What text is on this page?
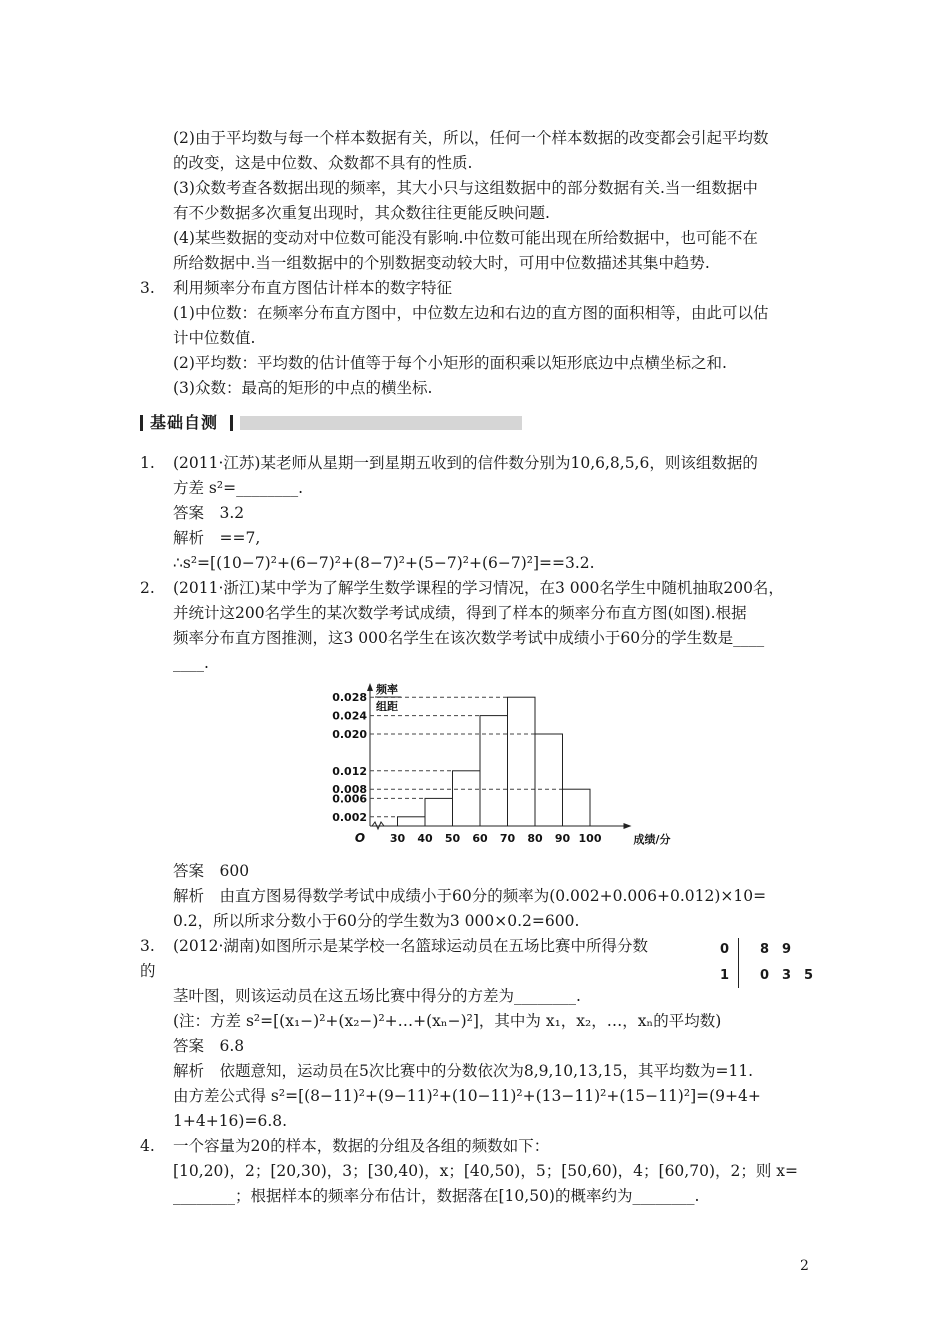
(2)由于平均数与每一个样本数据有关，所以，任何一个样本数据的改变都会引起平均数
的改变，这是中位数、众数都不具有的性质.
(3)众数考查各数据出现的频率，其大小只与这组数据中的部分数据有关.当一组数据中
有不少数据多次重复出现时，其众数往往更能反映问题.
(4)某些数据的变动对中位数可能没有影响.中位数可能出现在所给数据中，也可能不在
所给数据中.当一组数据中的个别数据变动较大时，可用中位数描述其集中趋势.
3. 利用频率分布直方图估计样本的数字特征
(1)中位数：在频率分布直方图中，中位数左边和右边的直方图的面积相等，由此可以估
计中位数值.
(2)平均数：平均数的估计值等于每个小矩形的面积乘以矩形底边中点横坐标之和.
(3)众数：最高的矩形的中点的横坐标.
基础自测
1. (2011·江苏)某老师从星期一到星期五收到的信件数分别为10,6,8,5,6，则该组数据的
方差 s²=________.
答案　3.2
解析　==7,
∴s²=[(10−7)²+(6−7)²+(8−7)²+(5−7)²+(6−7)²]==3.2.
2. (2011·浙江)某中学为了解学生数学课程的学习情况，在3 000名学生中随机抽取200名，
并统计这200名学生的某次数学考试成绩，得到了样本的频率分布直方图(如图).根据
频率分布直方图推测，这3 000名学生在该次数学考试中成绩小于60分的学生数是____
____.
0.028
0.024
0.020
0.012
0.008
0.006
0.002
30 40 50 60 70 80 90 100
O
频率
组距
成绩/分
答案　600
解析　由直方图易得数学考试中成绩小于60分的频率为(0.002+0.006+0.012)×10=
0.2，所以所求分数小于60分的学生数为3 000×0.2=600.
3. (2012·湖南)如图所示是某学校一名篮球运动员在五场比赛中所得分数
的
0
1
8 9
0 3 5
茎叶图，则该运动员在这五场比赛中得分的方差为________.
(注：方差 s²=[(x₁−)²+(x₂−)²+…+(xₙ−)²]，其中为 x₁，x₂，…，xₙ的平均数)
答案　6.8
解析　依题意知，运动员在5次比赛中的分数依次为8,9,10,13,15，其平均数为=11.
由方差公式得 s²=[(8−11)²+(9−11)²+(10−11)²+(13−11)²+(15−11)²]=(9+4+
1+4+16)=6.8.
4. 一个容量为20的样本，数据的分组及各组的频数如下：
[10,20)，2；[20,30)，3；[30,40)，x；[40,50)，5；[50,60)，4；[60,70)，2；则 x=
________；根据样本的频率分布估计，数据落在[10,50)的概率约为________.
2
